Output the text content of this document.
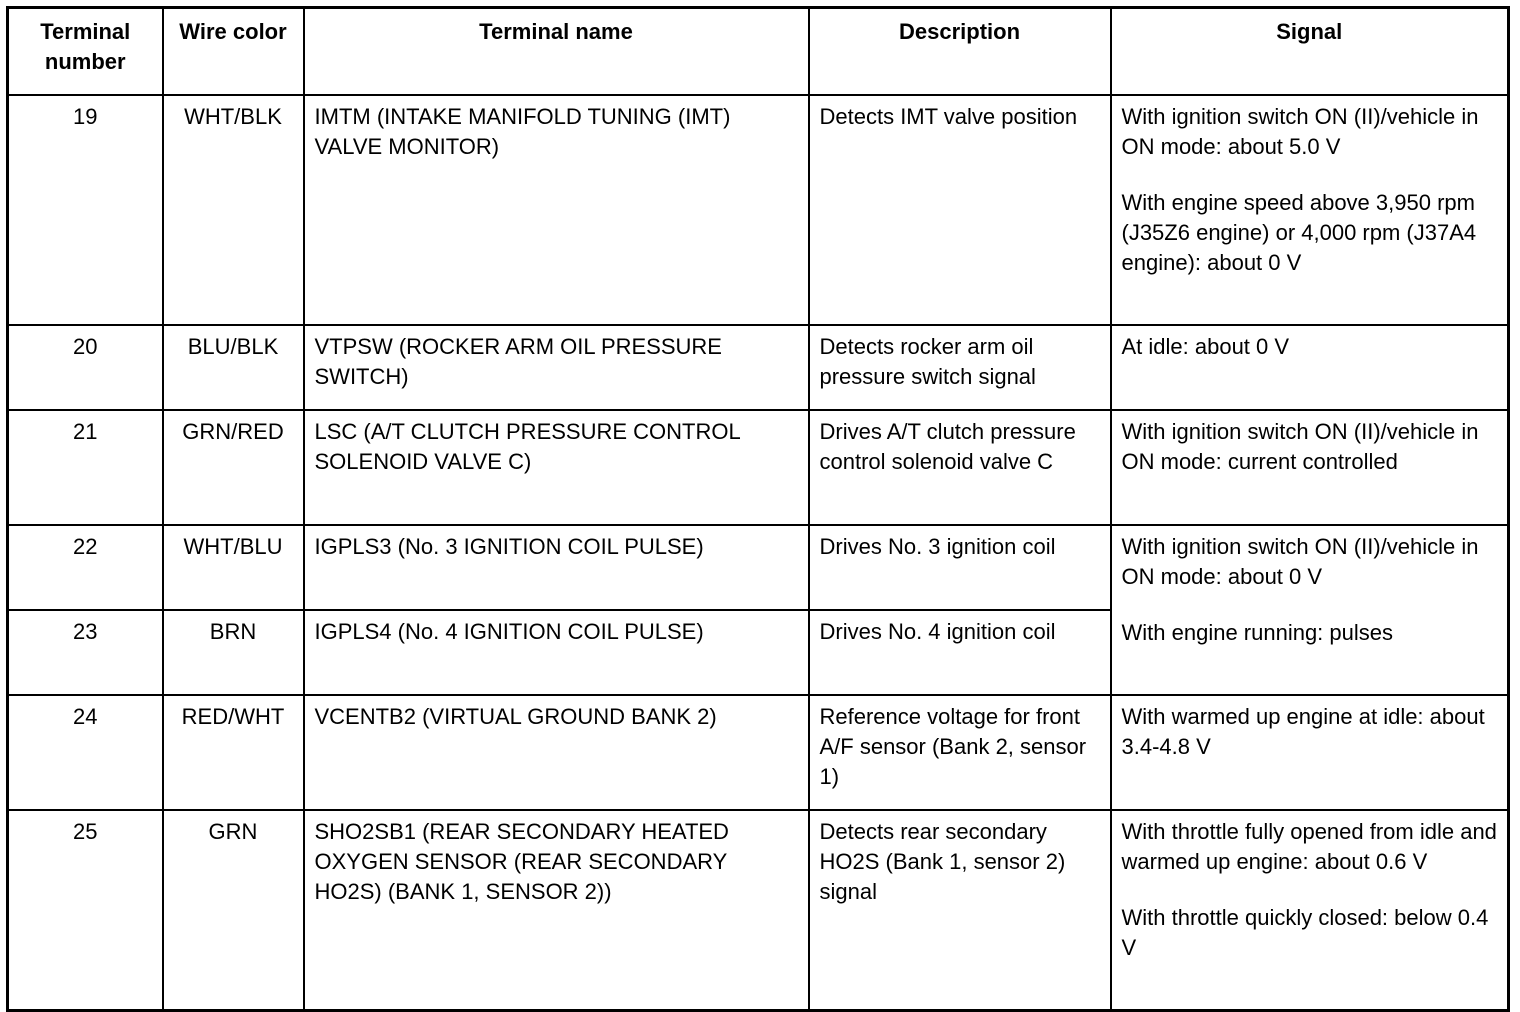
Terminal number	Wire color	Terminal name	Description	Signal
19	WHT/BLK	IMTM (INTAKE MANIFOLD TUNING (IMT) VALVE MONITOR)	Detects IMT valve position	With ignition switch ON (II)/vehicle in ON mode: about 5.0 V

With engine speed above 3,950 rpm (J35Z6 engine) or 4,000 rpm (J37A4 engine): about 0 V

20	BLU/BLK	VTPSW (ROCKER ARM OIL PRESSURE SWITCH)	Detects rocker arm oil pressure switch signal	At idle: about 0 V

21	GRN/RED	LSC (A/T CLUTCH PRESSURE CONTROL SOLENOID VALVE C)	Drives A/T clutch pressure control solenoid valve C	With ignition switch ON (II)/vehicle in ON mode: current controlled

22	WHT/BLU	IGPLS3 (No. 3 IGNITION COIL PULSE)	Drives No. 3 ignition coil	With ignition switch ON (II)/vehicle in ON mode: about 0 V

With engine running: pulses

23	BRN	IGPLS4 (No. 4 IGNITION COIL PULSE)	Drives No. 4 ignition coil	
24	RED/WHT	VCENTB2 (VIRTUAL GROUND BANK 2)	Reference voltage for front A/F sensor (Bank 2, sensor 1)	With warmed up engine at idle: about 3.4-4.8 V

25	GRN	SHO2SB1 (REAR SECONDARY HEATED OXYGEN SENSOR (REAR SECONDARY HO2S) (BANK 1, SENSOR 2))	Detects rear secondary HO2S (Bank 1, sensor 2) signal	With throttle fully opened from idle and warmed up engine: about 0.6 V

With throttle quickly closed: below 0.4 V
